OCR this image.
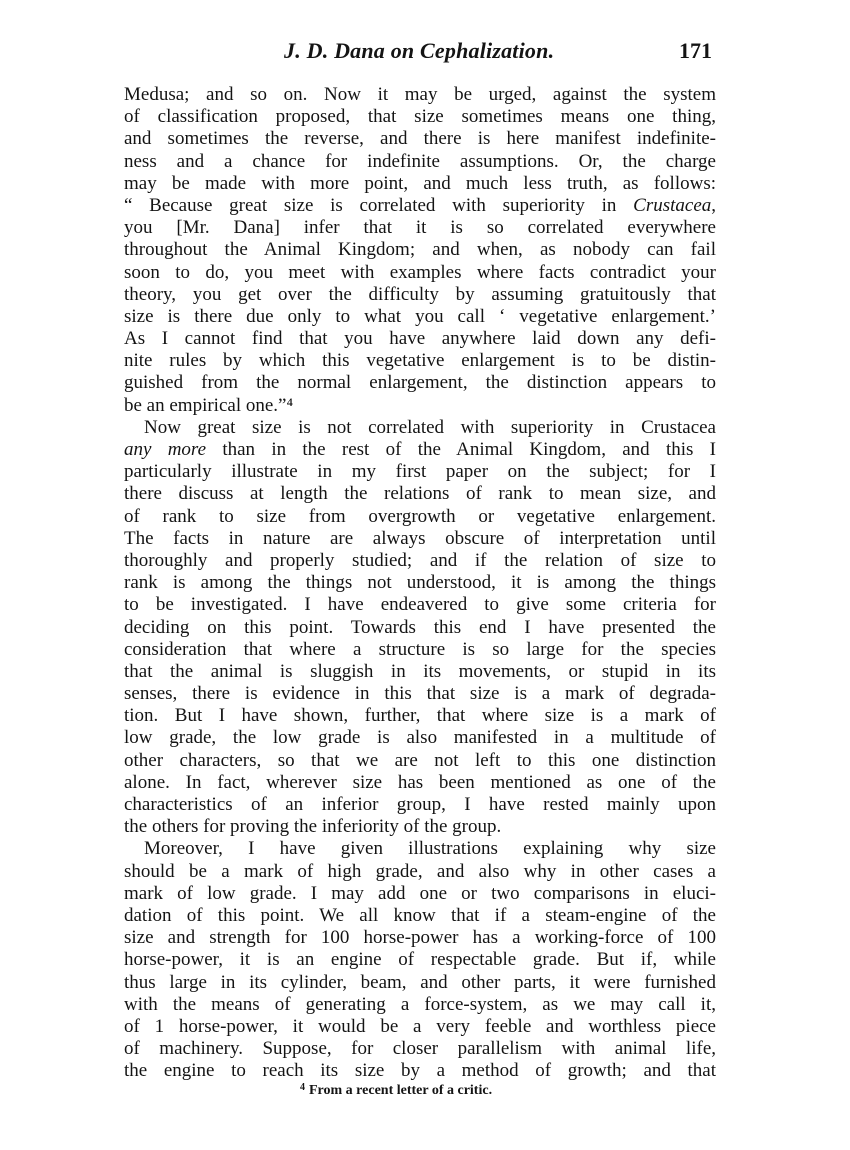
J. D. Dana on Cephalization.	171
Medusa; and so on. Now it may be urged, against the system
of classification proposed, that size sometimes means one thing,
and sometimes the reverse, and there is here manifest indefinite-
ness and a chance for indefinite assumptions. Or, the charge
may be made with more point, and much less truth, as follows:
“ Because great size is correlated with superiority in Crustacea,
you [Mr. Dana] infer that it is so correlated everywhere
throughout the Animal Kingdom; and when, as nobody can fail
soon to do, you meet with examples where facts contradict your
theory, you get over the difficulty by assuming gratuitously that
size is there due only to what you call ‘ vegetative enlargement.’
As I cannot find that you have anywhere laid down any defi-
nite rules by which this vegetative enlargement is to be distin-
guished from the normal enlargement, the distinction appears to
be an empirical one.”⁴
Now great size is not correlated with superiority in Crustacea
any more than in the rest of the Animal Kingdom, and this I
particularly illustrate in my first paper on the subject; for I
there discuss at length the relations of rank to mean size, and
of rank to size from overgrowth or vegetative enlargement.
The facts in nature are always obscure of interpretation until
thoroughly and properly studied; and if the relation of size to
rank is among the things not understood, it is among the things
to be investigated. I have endeavered to give some criteria for
deciding on this point. Towards this end I have presented the
consideration that where a structure is so large for the species
that the animal is sluggish in its movements, or stupid in its
senses, there is evidence in this that size is a mark of degrada-
tion. But I have shown, further, that where size is a mark of
low grade, the low grade is also manifested in a multitude of
other characters, so that we are not left to this one distinction
alone. In fact, wherever size has been mentioned as one of the
characteristics of an inferior group, I have rested mainly upon
the others for proving the inferiority of the group.
Moreover, I have given illustrations explaining why size
should be a mark of high grade, and also why in other cases a
mark of low grade. I may add one or two comparisons in eluci-
dation of this point. We all know that if a steam-engine of the
size and strength for 100 horse-power has a working-force of 100
horse-power, it is an engine of respectable grade. But if, while
thus large in its cylinder, beam, and other parts, it were furnished
with the means of generating a force-system, as we may call it,
of 1 horse-power, it would be a very feeble and worthless piece
of machinery. Suppose, for closer parallelism with animal life,
the engine to reach its size by a method of growth; and that
$^4$ From a recent letter of a critic.
